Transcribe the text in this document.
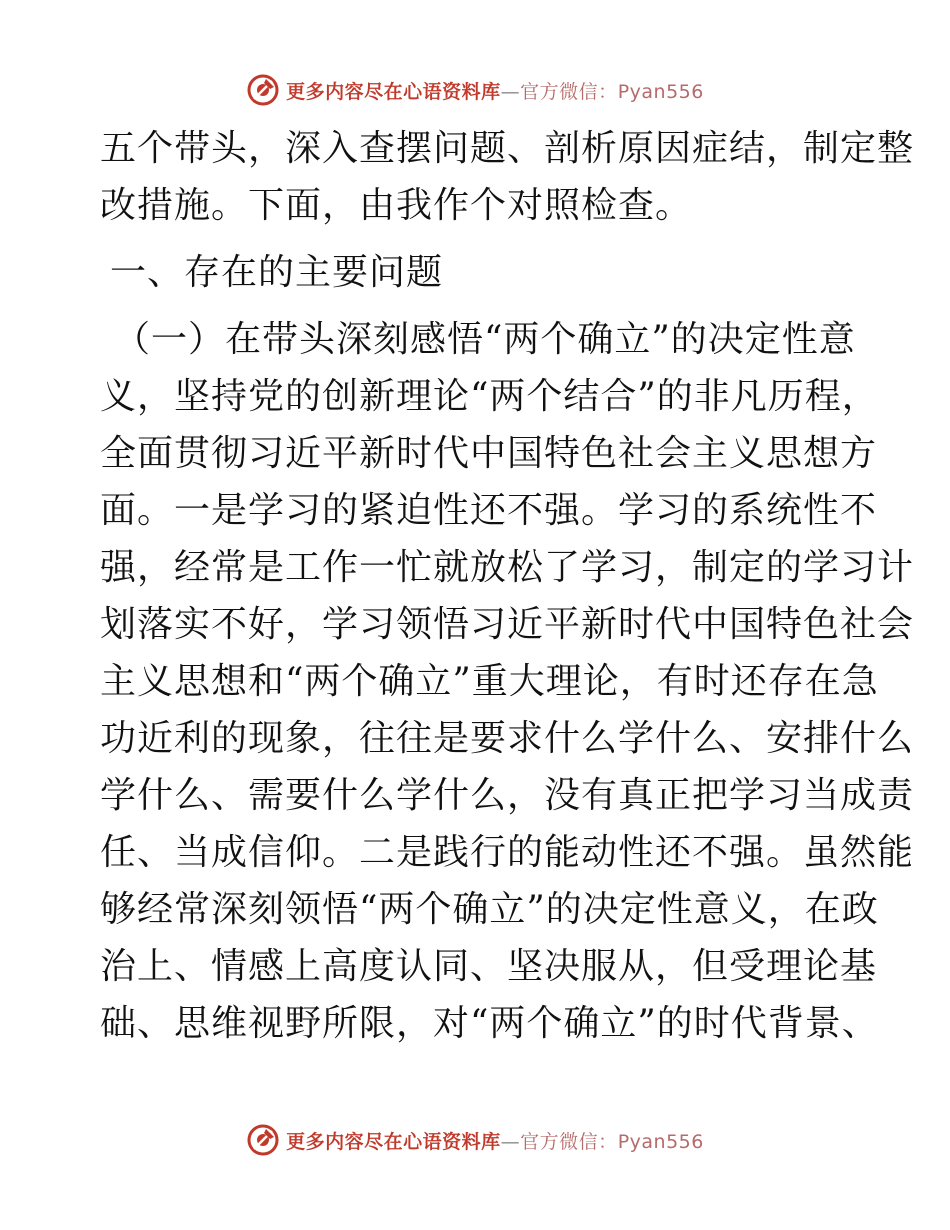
更多内容尽在心语资料库—官方微信：Pyan556
五个带头，深入查摆问题、剖析原因症结，制定整
改措施。下面，由我作个对照检查。
一、存在的主要问题
（一）在带头深刻感悟“两个确立”的决定性意
义，坚持党的创新理论“两个结合”的非凡历程，
全面贯彻习近平新时代中国特色社会主义思想方
面。一是学习的紧迫性还不强。学习的系统性不
强，经常是工作一忙就放松了学习，制定的学习计
划落实不好，学习领悟习近平新时代中国特色社会
主义思想和“两个确立”重大理论，有时还存在急
功近利的现象，往往是要求什么学什么、安排什么
学什么、需要什么学什么，没有真正把学习当成责
任、当成信仰。二是践行的能动性还不强。虽然能
够经常深刻领悟“两个确立”的决定性意义，在政
治上、情感上高度认同、坚决服从，但受理论基
础、思维视野所限，对“两个确立”的时代背景、
更多内容尽在心语资料库—官方微信：Pyan556
